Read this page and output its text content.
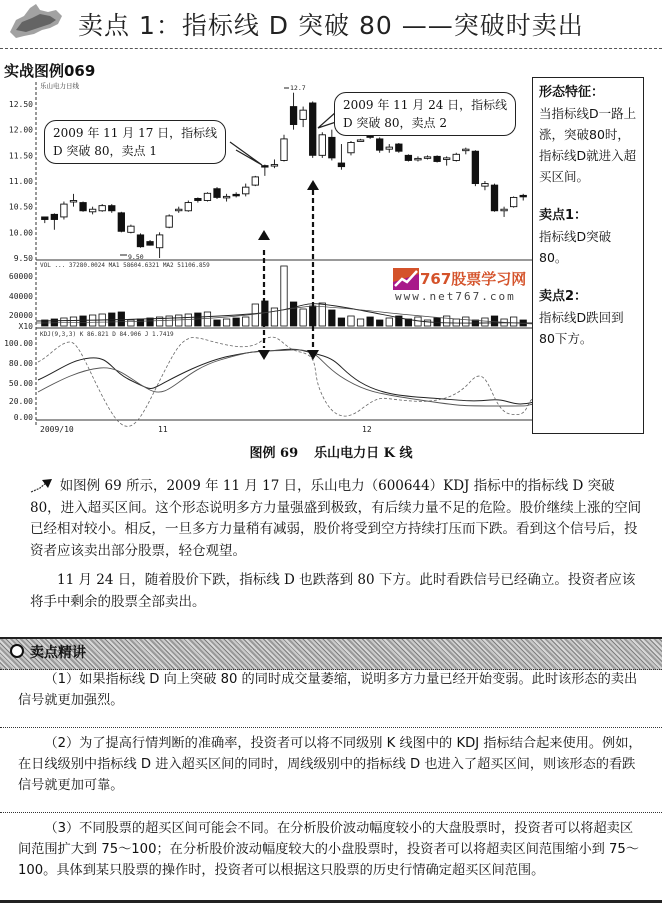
卖点 1：指标线 D 突破 80 ——突破时卖出
实战图例069
12.50
12.00
11.50
11.00
10.50
10.00
9.50
60000
40000
20000
X10
100.00
80.00
50.00
20.00
0.00
2009/10	11	12
乐山电力日线
VOL ... 37280.0024 MA1 58604.6321 MA2 51106.859
KDJ(9,3,3) K 86.821 D 84.906 J 1.7419
9.50
12.7
2009 年 11 月 17 日，指标线
D 突破 80，卖点 1
2009 年 11 月 24 日，指标线
D 突破 80，卖点 2
767股票学习网
www.net767.com
形态特征：
当指标线D一路上涨，突破80时，指标线D就进入超买区间。
卖点1：
指标线D突破80。
卖点2：
指标线D跌回到80下方。
图例 69 乐山电力日 K 线
如图例 69 所示，2009 年 11 月 17 日，乐山电力（600644）KDJ 指标中的指标线 D 突破 80，进入超买区间。这个形态说明多方力量强盛到极致，有后续力量不足的危险。股价继续上涨的空间已经相对较小。相反，一旦多方力量稍有减弱，股价将受到空方持续打压而下跌。看到这个信号后，投资者应该卖出部分股票，轻仓观望。
11 月 24 日，随着股价下跌，指标线 D 也跌落到 80 下方。此时看跌信号已经确立。投资者应该将手中剩余的股票全部卖出。
卖点精讲
（1）如果指标线 D 向上突破 80 的同时成交量萎缩，说明多方力量已经开始变弱。此时该形态的卖出信号就更加强烈。
（2）为了提高行情判断的准确率，投资者可以将不同级别 K 线图中的 KDJ 指标结合起来使用。例如，在日线级别中指标线 D 进入超买区间的同时，周线级别中的指标线 D 也进入了超买区间，则该形态的看跌信号就更加可靠。
（3）不同股票的超买区间可能会不同。在分析股价波动幅度较小的大盘股票时，投资者可以将超卖区间范围扩大到 75～100；在分析股价波动幅度较大的小盘股票时，投资者可以将超卖区间范围缩小到 75～100。具体到某只股票的操作时，投资者可以根据这只股票的历史行情确定超买区间范围。
